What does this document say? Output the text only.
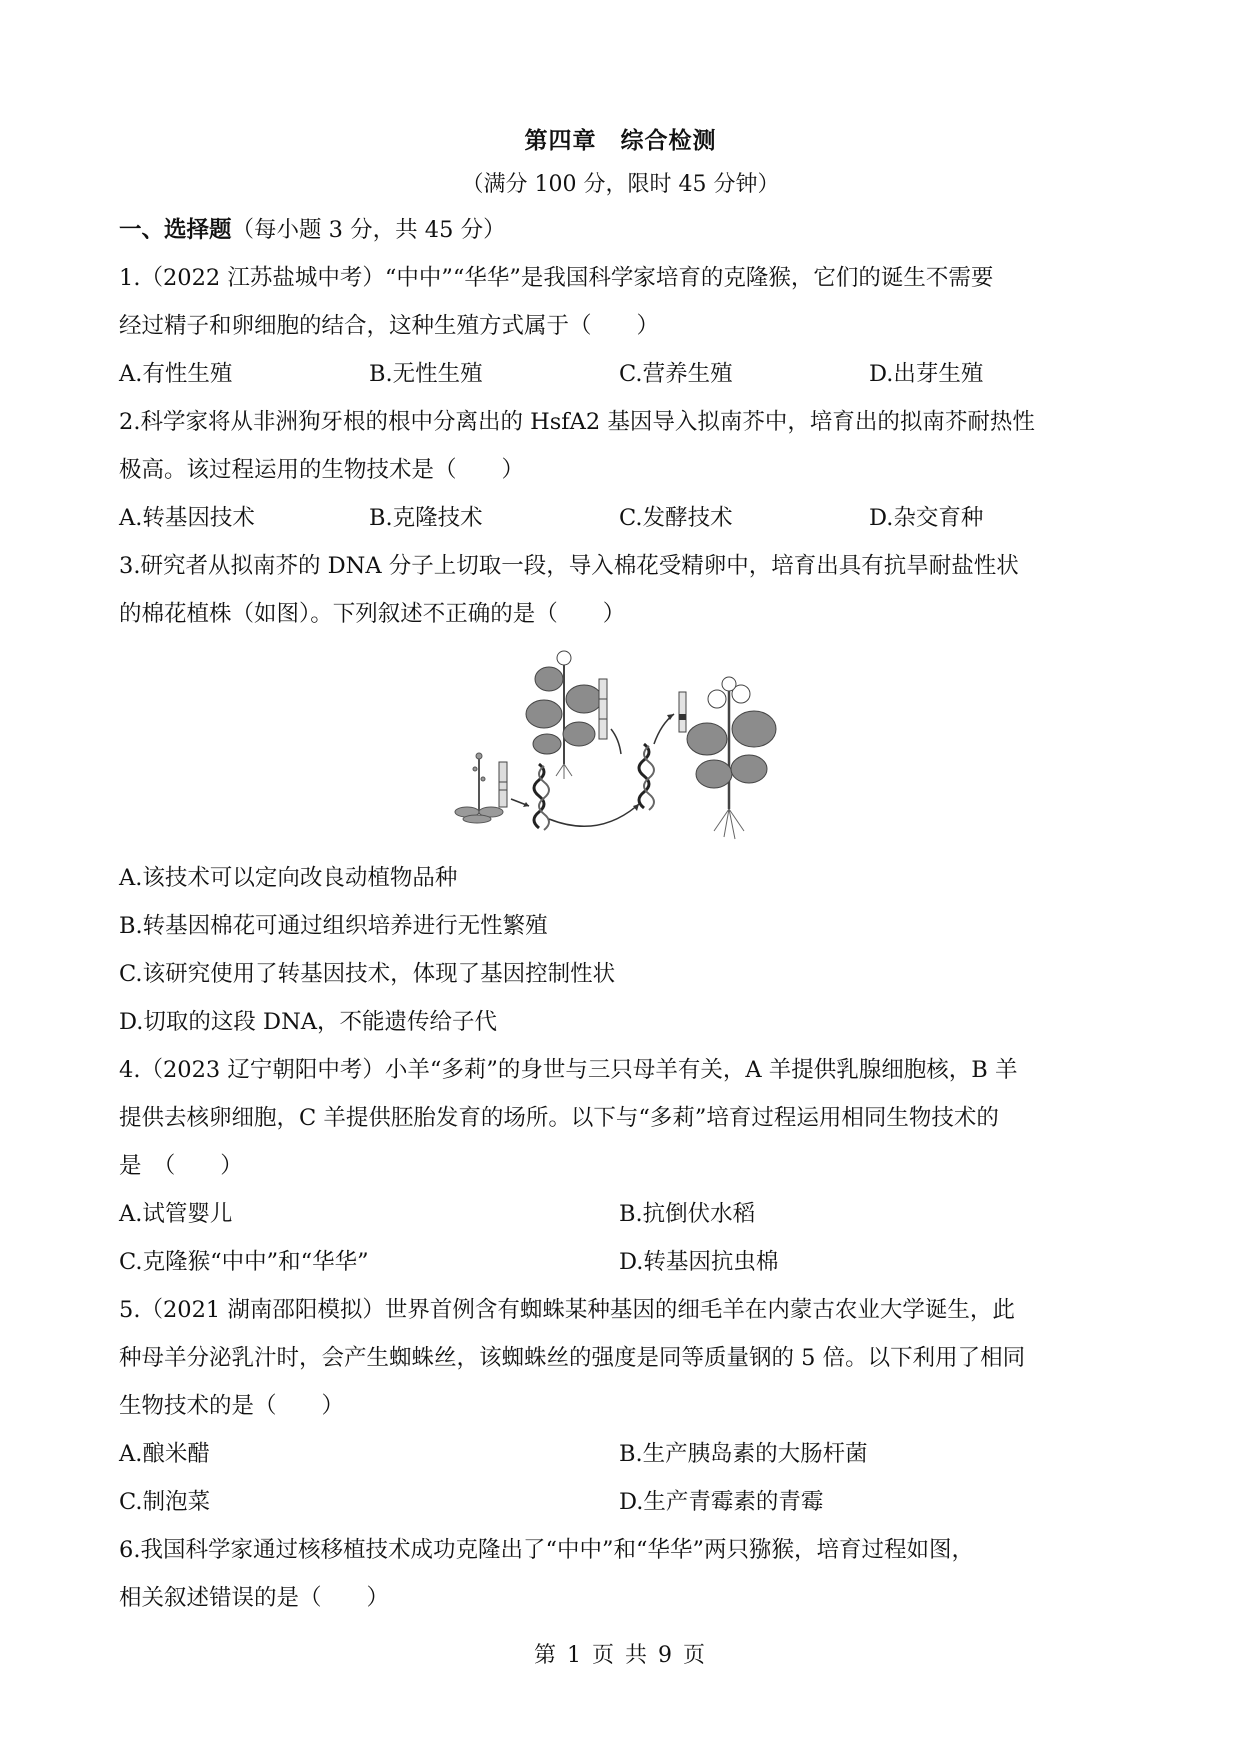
第四章　综合检测
（满分 100 分，限时 45 分钟）
一、选择题（每小题 3 分，共 45 分）
1.（2022 江苏盐城中考）“中中”“华华”是我国科学家培育的克隆猴，它们的诞生不需要
经过精子和卵细胞的结合，这种生殖方式属于（　　）
A.有性生殖	B.无性生殖	C.营养生殖	D.出芽生殖
2.科学家将从非洲狗牙根的根中分离出的 HsfA2 基因导入拟南芥中，培育出的拟南芥耐热性
极高。该过程运用的生物技术是（　　）
A.转基因技术	B.克隆技术	C.发酵技术	D.杂交育种
3.研究者从拟南芥的 DNA 分子上切取一段，导入棉花受精卵中，培育出具有抗旱耐盐性状
的棉花植株（如图）。下列叙述不正确的是（　　）
A.该技术可以定向改良动植物品种
B.转基因棉花可通过组织培养进行无性繁殖
C.该研究使用了转基因技术，体现了基因控制性状
D.切取的这段 DNA，不能遗传给子代
4.（2023 辽宁朝阳中考）小羊“多莉”的身世与三只母羊有关，A 羊提供乳腺细胞核，B 羊
提供去核卵细胞，C 羊提供胚胎发育的场所。以下与“多莉”培育过程运用相同生物技术的
是　（　　）
A.试管婴儿	B.抗倒伏水稻
C.克隆猴“中中”和“华华”	D.转基因抗虫棉
5.（2021 湖南邵阳模拟）世界首例含有蜘蛛某种基因的细毛羊在内蒙古农业大学诞生，此
种母羊分泌乳汁时，会产生蜘蛛丝，该蜘蛛丝的强度是同等质量钢的 5 倍。以下利用了相同
生物技术的是（　　）
A.酿米醋	B.生产胰岛素的大肠杆菌
C.制泡菜	D.生产青霉素的青霉
6.我国科学家通过核移植技术成功克隆出了“中中”和“华华”两只猕猴，培育过程如图，
相关叙述错误的是（　　）
第 1 页 共 9 页
